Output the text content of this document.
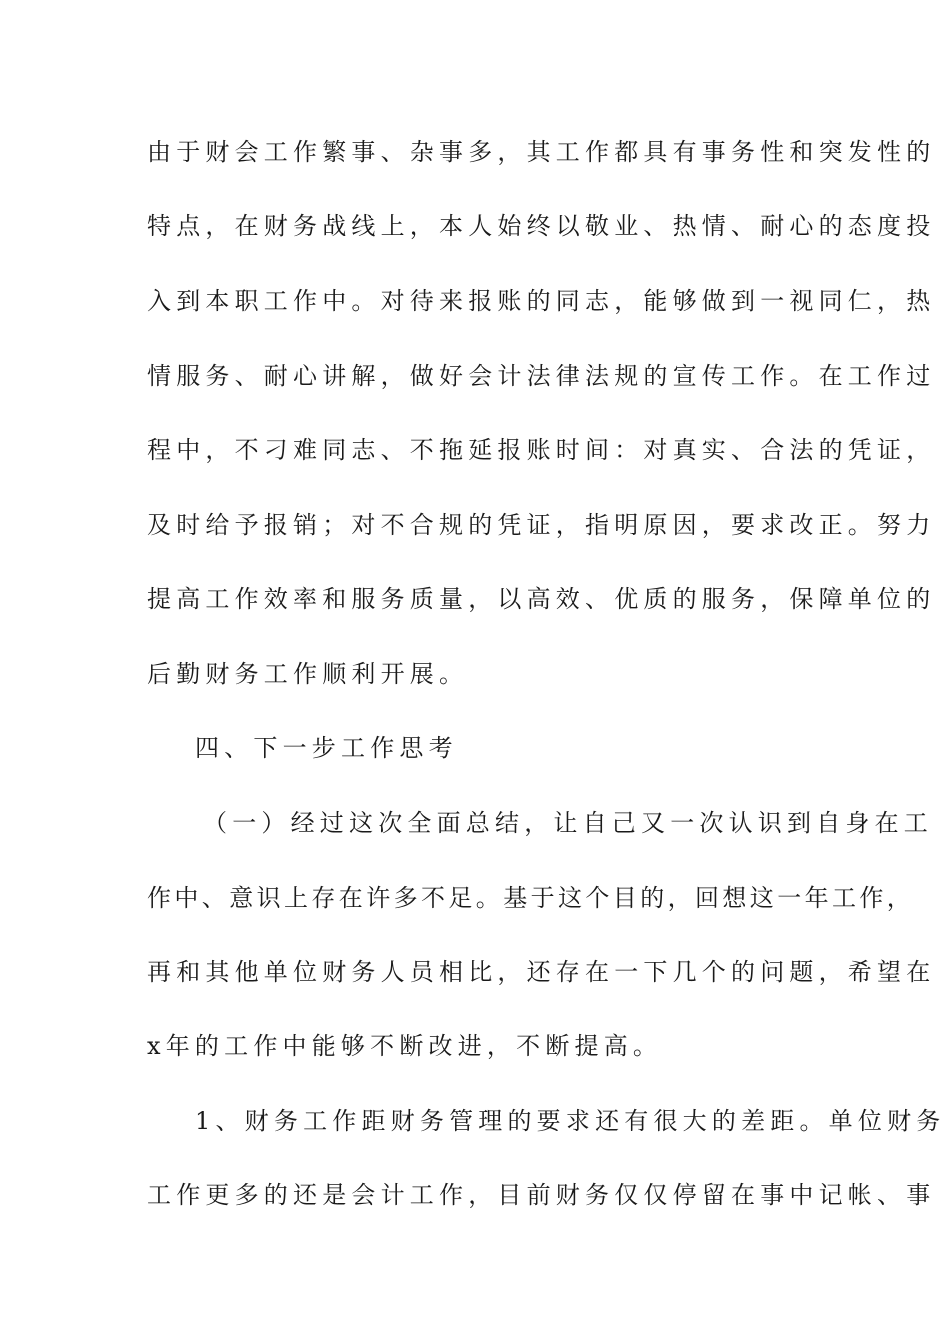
由于财会工作繁事、杂事多，其工作都具有事务性和突发性的
特点，在财务战线上，本人始终以敬业、热情、耐心的态度投
入到本职工作中。对待来报账的同志，能够做到一视同仁，热
情服务、耐心讲解，做好会计法律法规的宣传工作。在工作过
程中，不刁难同志、不拖延报账时间：对真实、合法的凭证，
及时给予报销；对不合规的凭证，指明原因，要求改正。努力
提高工作效率和服务质量，以高效、优质的服务，保障单位的
后勤财务工作顺利开展。
四、下一步工作思考
（一）经过这次全面总结，让自己又一次认识到自身在工
作中、意识上存在许多不足。基于这个目的，回想这一年工作，
再和其他单位财务人员相比，还存在一下几个的问题，希望在
x年的工作中能够不断改进，不断提高。
1、财务工作距财务管理的要求还有很大的差距。单位财务
工作更多的还是会计工作，目前财务仅仅停留在事中记帐、事
